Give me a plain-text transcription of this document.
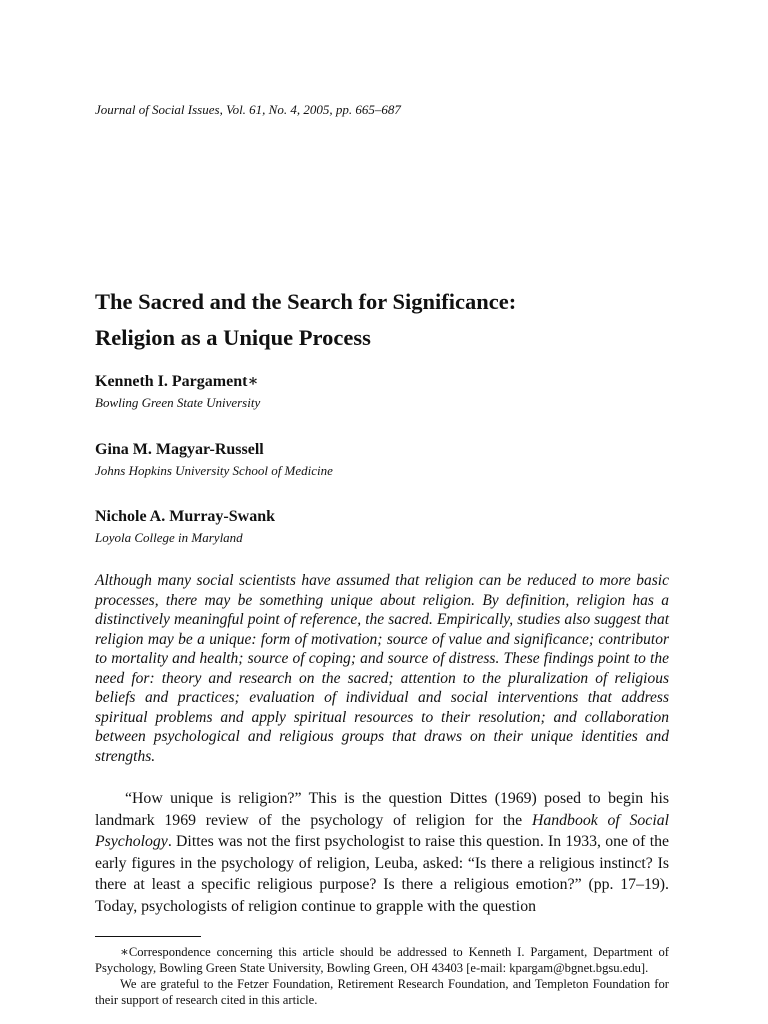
Journal of Social Issues, Vol. 61, No. 4, 2005, pp. 665–687
The Sacred and the Search for Significance:
Religion as a Unique Process
Kenneth I. Pargament∗
Bowling Green State University
Gina M. Magyar-Russell
Johns Hopkins University School of Medicine
Nichole A. Murray-Swank
Loyola College in Maryland
Although many social scientists have assumed that religion can be reduced to more basic processes, there may be something unique about religion. By definition, religion has a distinctively meaningful point of reference, the sacred. Empirically, studies also suggest that religion may be a unique: form of motivation; source of value and significance; contributor to mortality and health; source of coping; and source of distress. These findings point to the need for: theory and research on the sacred; attention to the pluralization of religious beliefs and practices; evaluation of individual and social interventions that address spiritual problems and apply spiritual resources to their resolution; and collaboration between psychological and religious groups that draws on their unique identities and strengths.
“How unique is religion?” This is the question Dittes (1969) posed to begin his landmark 1969 review of the psychology of religion for the Handbook of Social Psychology. Dittes was not the first psychologist to raise this question. In 1933, one of the early figures in the psychology of religion, Leuba, asked: “Is there a religious instinct? Is there at least a specific religious purpose? Is there a religious emotion?” (pp. 17–19). Today, psychologists of religion continue to grapple with the question

∗Correspondence concerning this article should be addressed to Kenneth I. Pargament, Department of Psychology, Bowling Green State University, Bowling Green, OH 43403 [e-mail: kpargam@bgnet.bgsu.edu].

We are grateful to the Fetzer Foundation, Retirement Research Foundation, and Templeton Foundation for their support of research cited in this article.
